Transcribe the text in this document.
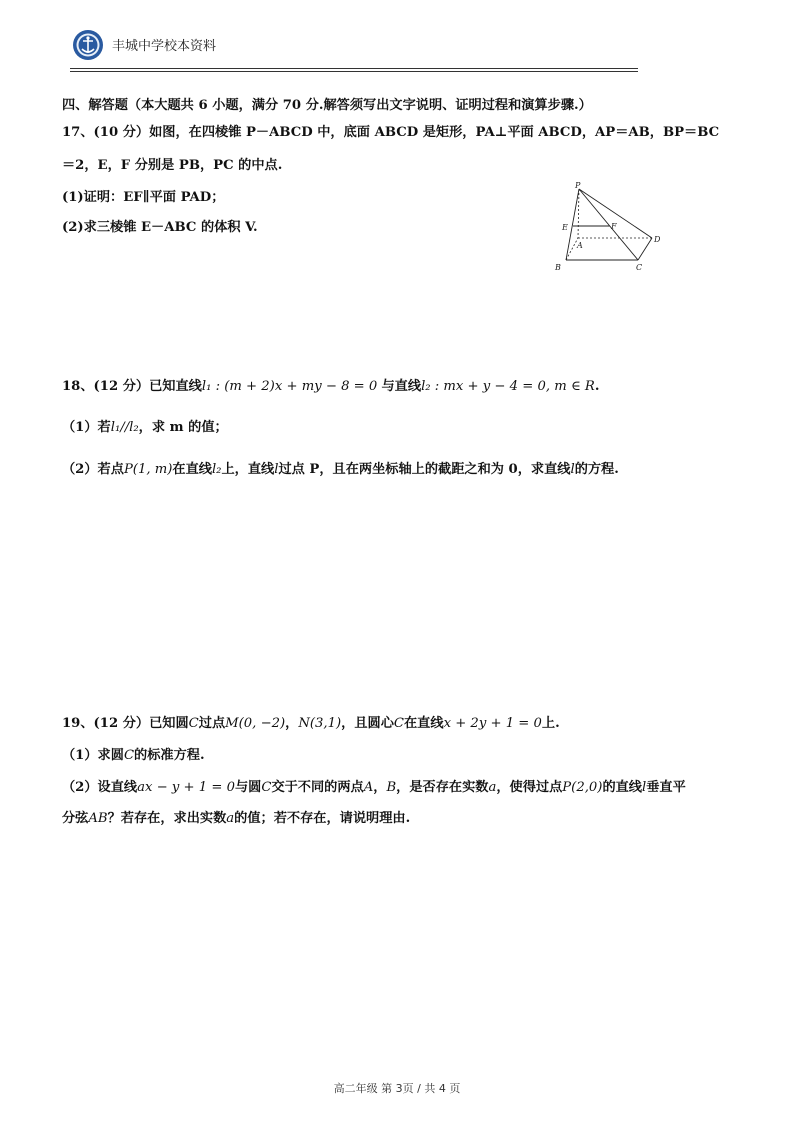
丰城中学校本资料
四、解答题（本大题共 6 小题，满分 70 分.解答须写出文字说明、证明过程和演算步骤.）
17、(10 分）如图，在四棱锥 P－ABCD 中，底面 ABCD 是矩形，PA⊥平面 ABCD，AP＝AB，BP＝BC
＝2，E，F 分别是 PB，PC 的中点.
(1)证明：EF∥平面 PAD；
(2)求三棱锥 E－ABC 的体积 V.
P
E	F
A
B	C
D
18、(12 分）已知直线l₁ : (m + 2)x + my − 8 = 0 与直线l₂ : mx + y − 4 = 0, m ∈ R.
（1）若l₁//l₂，求 m 的值；
（2）若点P(1, m)在直线l₂上，直线l过点 P，且在两坐标轴上的截距之和为 0，求直线l的方程.
19、(12 分）已知圆C过点M(0, −2)，N(3,1)，且圆心C在直线x + 2y + 1 = 0上.
（1）求圆C的标准方程.
（2）设直线ax − y + 1 = 0与圆C交于不同的两点A，B，是否存在实数a，使得过点P(2,0)的直线l垂直平
分弦AB？若存在，求出实数a的值；若不存在，请说明理由.
高二年级 第 3页 / 共 4 页
